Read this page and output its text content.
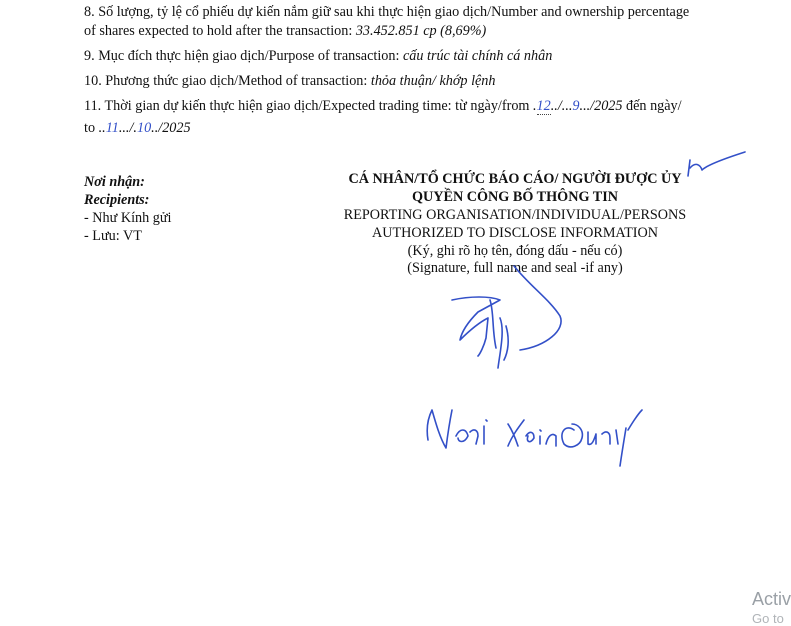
8. Số lượng, tỷ lệ cổ phiếu dự kiến nắm giữ sau khi thực hiện giao dịch/Number and ownership percentage
of shares expected to hold after the transaction: 33.452.851 cp (8,69%)
9. Mục đích thực hiện giao dịch/Purpose of transaction: cấu trúc tài chính cá nhân
10. Phương thức giao dịch/Method of transaction: thỏa thuận/ khớp lệnh
11. Thời gian dự kiến thực hiện giao dịch/Expected trading time: từ ngày/from .12../...9.../2025 đến ngày/
to ..11.../.10../2025
Nơi nhận:
Recipients:
- Như Kính gửi
- Lưu: VT
CÁ NHÂN/TỔ CHỨC BÁO CÁO/ NGƯỜI ĐƯỢC ỦY
QUYỀN CÔNG BỐ THÔNG TIN
REPORTING ORGANISATION/INDIVIDUAL/PERSONS
AUTHORIZED TO DISCLOSE INFORMATION
(Ký, ghi rõ họ tên, đóng dấu - nếu có)
(Signature, full name and seal -if any)
Activ
Go to
